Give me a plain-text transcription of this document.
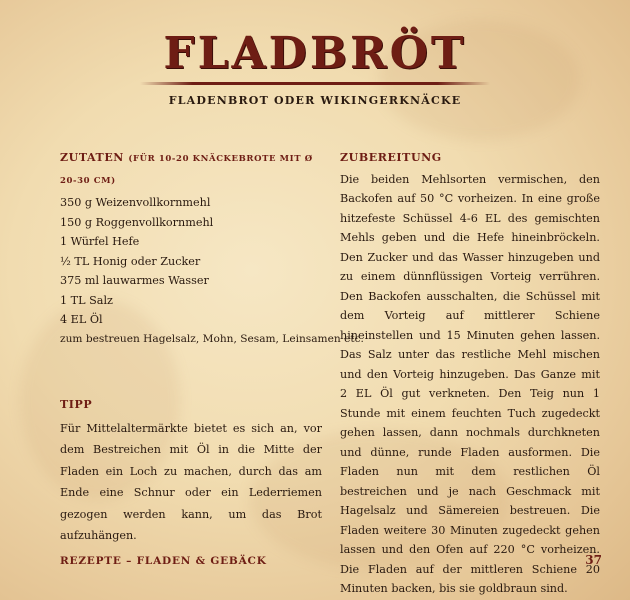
FLADBRÖT
FLADENBROT ODER WIKINGERKNÄCKE
ZUTATEN (FÜR 10-20 KNÄCKEBROTE MIT Ø 20-30 CM)
350 g Weizenvollkornmehl
150 g Roggenvollkornmehl
1 Würfel Hefe
½ TL Honig oder Zucker
375 ml lauwarmes Wasser
1 TL Salz
4 EL Öl
zum bestreuen Hagelsalz, Mohn, Sesam, Leinsamen etc.
TIPP

Für Mittelaltermärkte bietet es sich an, vor dem Bestreichen mit Öl in die Mitte der Fladen ein Loch zu machen, durch das am Ende eine Schnur oder ein Lederriemen gezogen werden kann, um das Brot aufzuhängen.

ZUBEREITUNG

Die beiden Mehlsorten vermischen, den Backofen auf 50 °C vorheizen. In eine große hitzefeste Schüssel 4-6 EL des gemischten Mehls geben und die Hefe hineinbröckeln. Den Zucker und das Wasser hinzugeben und zu einem dünnflüssigen Vorteig verrühren. Den Backofen ausschalten, die Schüssel mit dem Vorteig auf mittlerer Schiene hineinstellen und 15 Minuten gehen lassen. Das Salz unter das restliche Mehl mischen und den Vorteig hinzugeben. Das Ganze mit 2 EL Öl gut verkneten. Den Teig nun 1 Stunde mit einem feuchten Tuch zugedeckt gehen lassen, dann nochmals durchkneten und dünne, runde Fladen ausformen. Die Fladen nun mit dem restlichen Öl bestreichen und je nach Geschmack mit Hagelsalz und Sämereien bestreuen. Die Fladen weitere 30 Minuten zugedeckt gehen lassen und den Ofen auf 220 °C vorheizen. Die Fladen auf der mittleren Schiene 20 Minuten backen, bis sie goldbraun sind.

REZEPTE – FLADEN & GEBÄCK	37
